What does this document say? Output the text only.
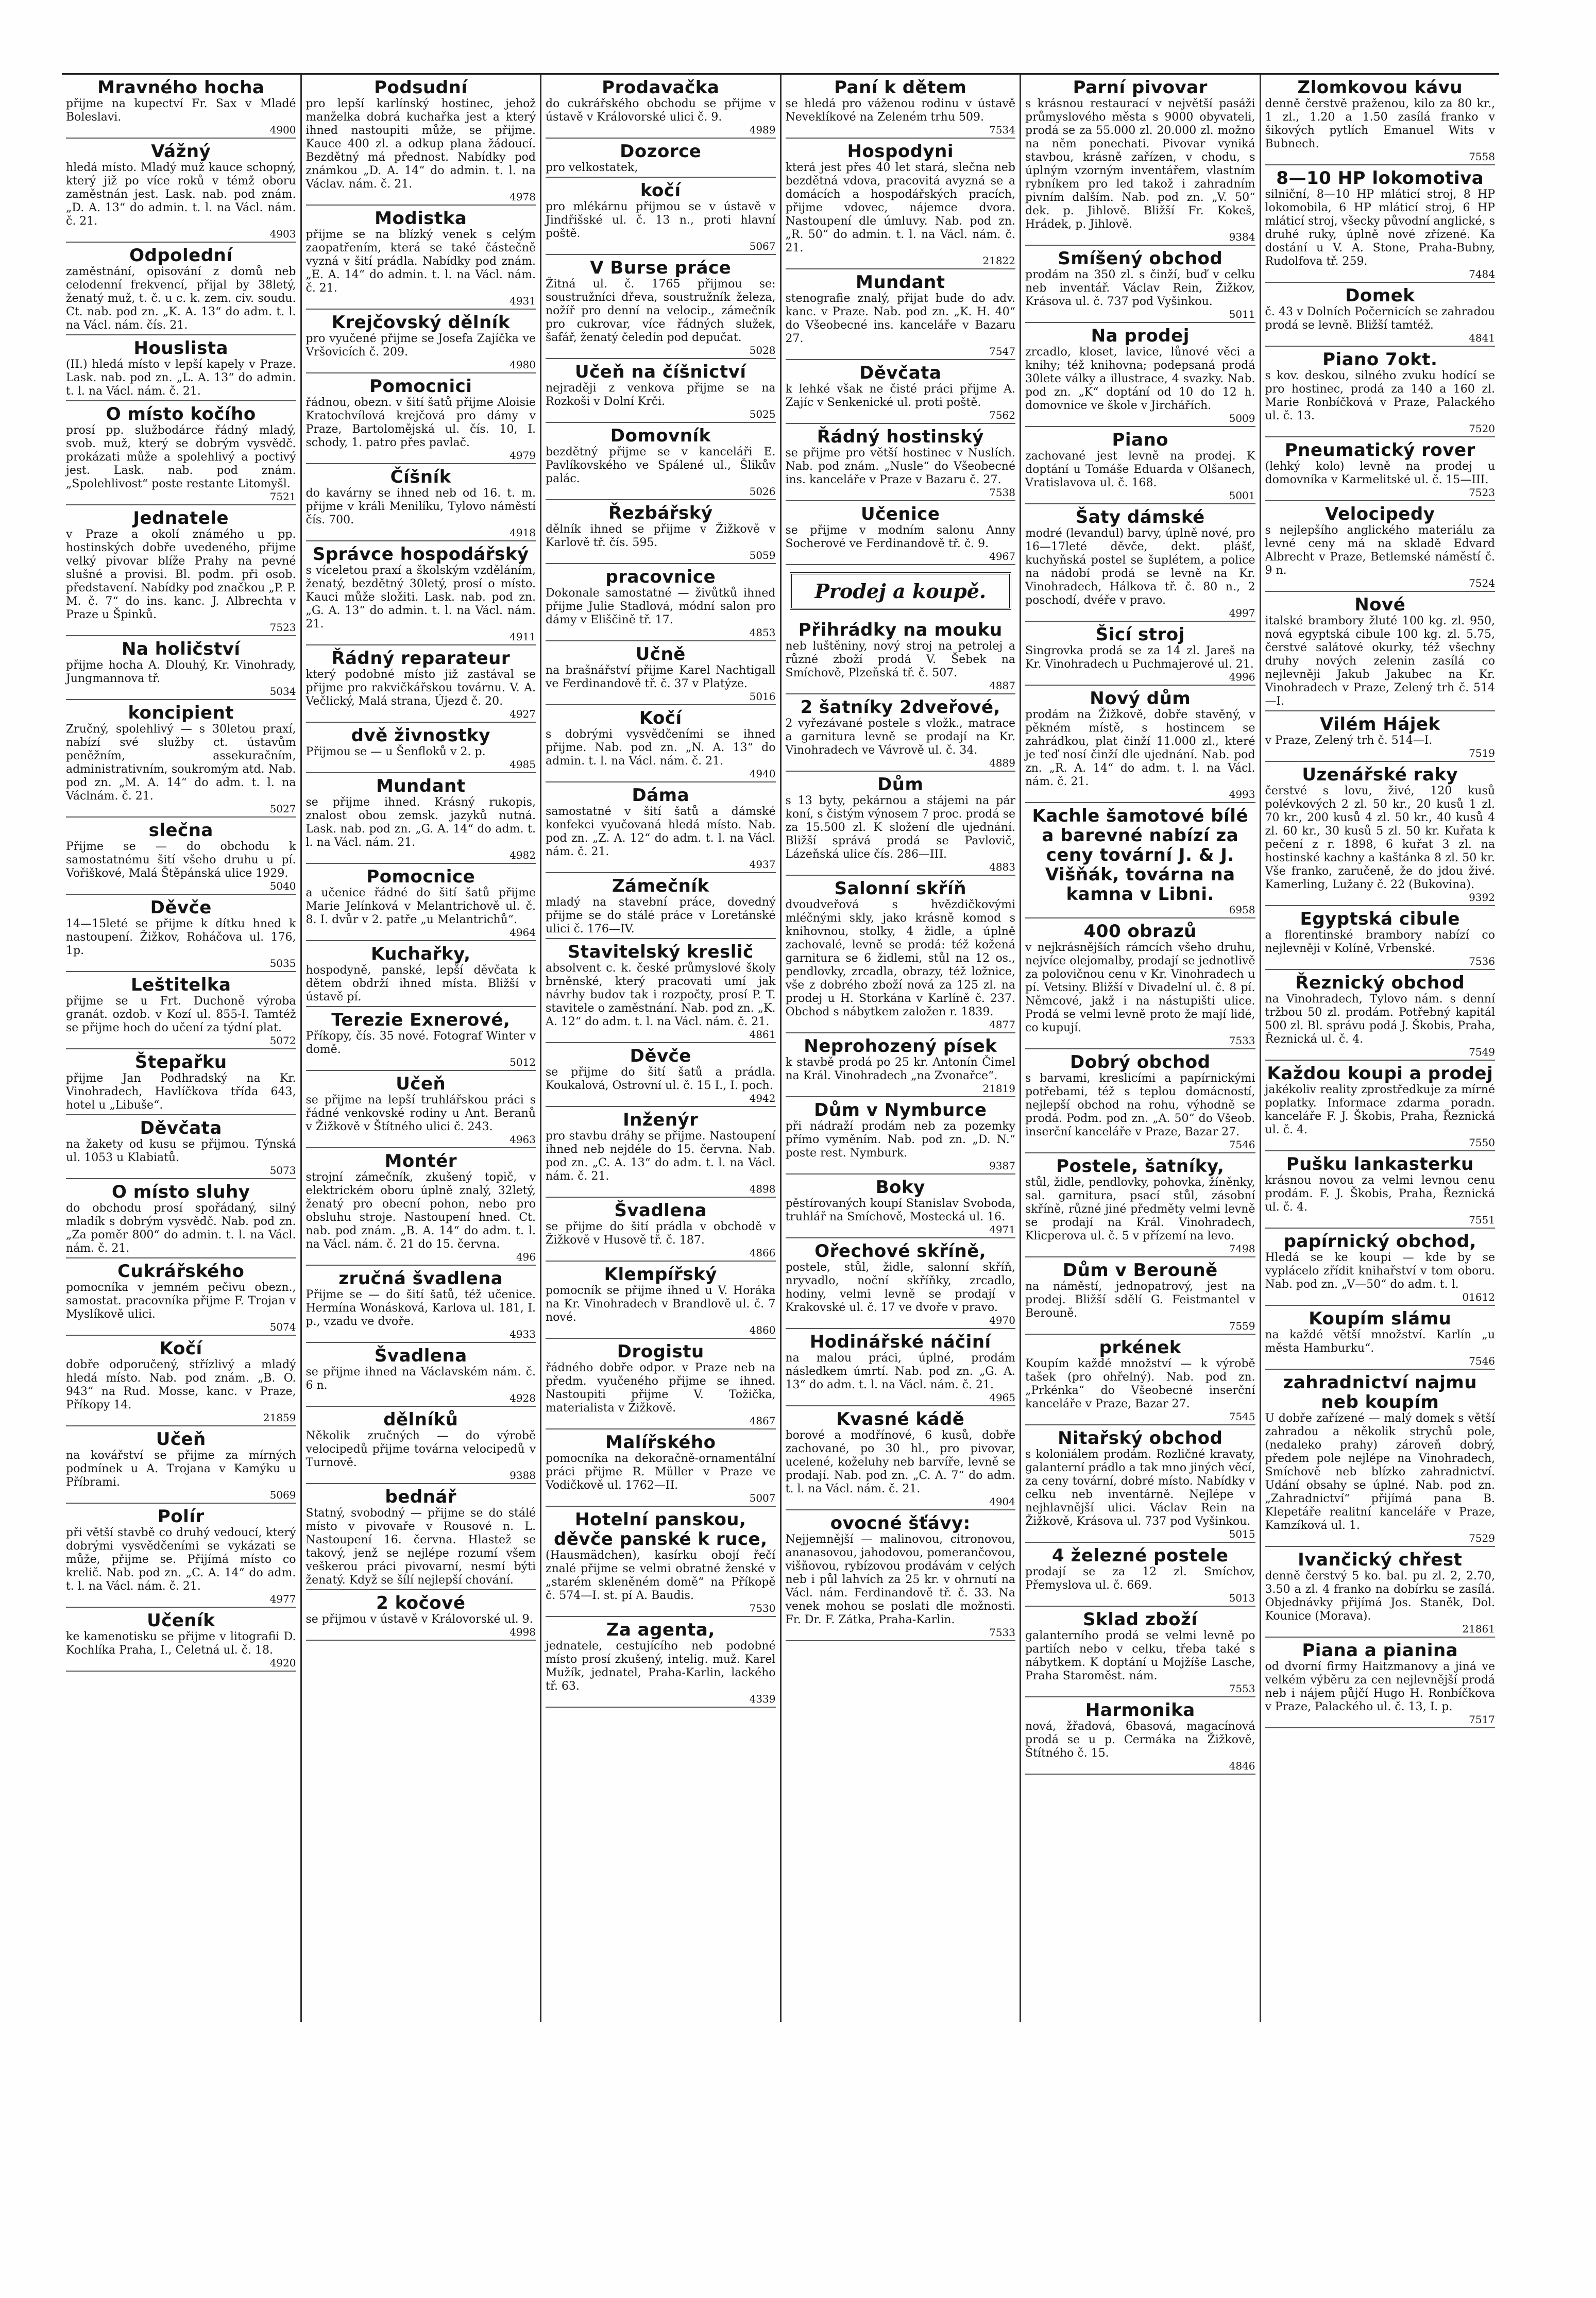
Mravného hocha
přijme na kupectví Fr. Sax v Mladé Boleslavi.
4900
Vážný
hledá místo. Mladý muž kauce schopný, který již po více roků v témž oboru zaměstnán jest. Lask. nab. pod znám. „D. A. 13“ do admin. t. l. na Václ. nám. č. 21.
4903
Odpolední
zaměstnání, opisování z domů neb celodenní frekvencí, přijal by 38letý, ženatý muž, t. č. u c. k. zem. civ. soudu. Ct. nab. pod zn. „K. A. 13“ do adm. t. l. na Václ. nám. čís. 21.
Houslista
(II.) hledá místo v lepší kapely v Praze. Lask. nab. pod zn. „L. A. 13“ do admin. t. l. na Václ. nám. č. 21.
O místo kočího
prosí pp. službodárce řádný mladý, svob. muž, který se dobrým vysvědč. prokázati může a spolehlivý a poctivý jest. Lask. nab. pod znám. „Spolehlivost“ poste restante Litomyšl.
7521
Jednatele
v Praze a okolí známého u pp. hostinských dobře uvedeného, přijme velký pivovar blíže Prahy na pevné slušné a provisi. Bl. podm. při osob. představení. Nabídky pod značkou „P. P. M. č. 7“ do ins. kanc. J. Albrechta v Praze u Špinků.
7523
Na holičství
přijme hocha A. Dlouhý, Kr. Vinohrady, Jungmannova tř.
5034
koncipient
Zručný, spolehlivý — s 30letou praxí, nabízí své služby ct. ústavům peněžním, assekuračním, administrativním, soukromým atd. Nab. pod zn. „M. A. 14“ do adm. t. l. na Václnám. č. 21.
5027
slečna
Přijme se — do obchodu k samostatnému šití všeho druhu u pí. Vořiškové, Malá Štěpánská ulice 1929.
5040
Děvče
14—15leté se přijme k dítku hned k nastoupení. Žižkov, Roháčova ul. 176, 1p.
5035
Leštitelka
přijme se u Frt. Duchoně výroba granát. ozdob. v Kozí ul. 855-I. Tamtéž se přijme hoch do učení za týdní plat.
5072
Štepařku
přijme Jan Podhradský na Kr. Vinohradech, Havlíčkova třída 643, hotel u „Libuše“.
Děvčata
na žakety od kusu se přijmou. Týnská ul. 1053 u Klabiatů.
5073
O místo sluhy
do obchodu prosí spořádaný, silný mladík s dobrým vysvědč. Nab. pod zn. „Za poměr 800“ do admin. t. l. na Václ. nám. č. 21.
Cukrářského
pomocníka v jemném pečivu obezn., samostat. pracovníka přijme F. Trojan v Myslíkově ulici.
5074
Kočí
dobře odporučený, střízlivý a mladý hledá místo. Nab. pod znám. „B. O. 943“ na Rud. Mosse, kanc. v Praze, Příkopy 14.
21859
Učeň
na kovářství se přijme za mírných podmínek u A. Trojana v Kamýku u Příbrami.
5069
Polír
při větší stavbě co druhý vedoucí, který dobrými vysvědčeními se vykázati se může, přijme se. Přijímá místo co krelič. Nab. pod zn. „C. A. 14“ do adm. t. l. na Václ. nám. č. 21.
4977
Učeník
ke kamenotisku se přijme v litografii D. Kochlíka Praha, I., Celetná ul. č. 18.
4920
Podsudní
pro lepší karlínský hostinec, jehož manželka dobrá kuchařka jest a který ihned nastoupiti může, se přijme. Kauce 400 zl. a odkup plana žádoucí. Bezdětný má přednost. Nabídky pod známkou „D. A. 14“ do admin. t. l. na Václav. nám. č. 21.
4978
Modistka
přijme se na blízký venek s celým zaopatřením, která se také částečně vyzná v šití prádla. Nabídky pod znám. „E. A. 14“ do admin. t. l. na Václ. nám. č. 21.
4931
Krejčovský dělník
pro vyučené přijme se Josefa Zajíčka ve Vršovicích č. 209.
4980
Pomocnici
řádnou, obezn. v šití šatů přijme Aloisie Kratochvílová krejčová pro dámy v Praze, Bartolomějská ul. čís. 10, I. schody, 1. patro přes pavlač.
4979
Číšník
do kavárny se ihned neb od 16. t. m. přijme v králi Menilíku, Tylovo náměstí čís. 700.
4918
Správce hospodářský
s víceletou praxí a školským vzděláním, ženatý, bezdětný 30letý, prosí o místo. Kauci může složiti. Lask. nab. pod zn. „G. A. 13“ do admin. t. l. na Václ. nám. 21.
4911
Řádný reparateur
který podobné místo již zastával se přijme pro rakvičkářskou továrnu. V. A. Večlický, Malá strana, Újezd č. 20.
4927
dvě živnostky
Přijmou se — u Šenfloků v 2. p.
4985
Mundant
se přijme ihned. Krásný rukopis, znalost obou zemsk. jazyků nutná. Lask. nab. pod zn. „G. A. 14“ do adm. t. l. na Václ. nám. 21.
4982
Pomocnice
a učenice řádné do šití šatů přijme Marie Jelínková v Melantrichově ul. č. 8. I. dvůr v 2. patře „u Melantrichů“.
4964
Kuchařky,
hospodyně, panské, lepší děvčata k dětem obdrží ihned místa. Bližší v ústavě pí.
Terezie Exnerové,
Příkopy, čís. 35 nové. Fotograf Winter v domě.
5012
Učeň
se přijme na lepší truhlářskou práci s řádné venkovské rodiny u Ant. Beranů v Žižkově v Štítného ulici č. 243.
4963
Montér
strojní zámečník, zkušený topič, v elektrickém oboru úplně znalý, 32letý, ženatý pro obecní pohon, nebo pro obsluhu stroje. Nastoupení hned. Ct. nab. pod znám. „B. A. 14“ do adm. t. l. na Václ. nám. č. 21 do 15. června.
496
zručná švadlena
Přijme se — do šití šatů, též učenice. Hermína Wonásková, Karlova ul. 181, I. p., vzadu ve dvoře.
4933
Švadlena
se přijme ihned na Václavském nám. č. 6 n.
4928
dělníků
Několik zručných — do výrobě velocipedů přijme továrna velocipedů v Turnově.
9388
bednář
Statný, svobodný — přijme se do stálé místo v pivovaře v Rousové n. L. Nastoupení 16. června. Hlastež se takový, jenž se nejlépe rozumí všem veškerou práci pivovarní, nesmí býti ženatý. Když se šílí nejlepší chování.
2 kočové
se přijmou v ústavě v Královorské ul. 9.
4998
Prodavačka
do cukrářského obchodu se přijme v ústavě v Královorské ulici č. 9.
4989
Dozorce
pro velkostatek,
kočí
pro mlékárnu přijmou se v ústavě v Jindřišské ul. č. 13 n., proti hlavní poště.
5067
V Burse práce
Žitná ul. č. 1765 přijmou se: soustružníci dřeva, soustružník železa, nožíř pro denní na velocip., zámečník pro cukrovar, více řádných služek, šafář, ženatý čeledín pod depučat.
5028
Učeň na číšnictví
nejraději z venkova přijme se na Rozkoši v Dolní Krči.
5025
Domovník
bezdětný přijme se v kanceláři E. Pavlíkovského ve Spálené ul., Šlikův palác.
5026
Řezbářský
dělník ihned se přijme v Žižkově v Karlově tř. čís. 595.
5059
pracovnice
Dokonale samostatné — živůtků ihned přijme Julie Stadlová, módní salon pro dámy v Eliščině tř. 17.
4853
Učně
na brašnářství přijme Karel Nachtigall ve Ferdinandově tř. č. 37 v Platýze.
5016
Kočí
s dobrými vysvědčeními se ihned přijme. Nab. pod zn. „N. A. 13“ do admin. t. l. na Václ. nám. č. 21.
4940
Dáma
samostatné v šití šatů a dámské konfekci vyučovaná hledá místo. Nab. pod zn. „Z. A. 12“ do adm. t. l. na Václ. nám. č. 21.
4937
Zámečník
mladý na stavební práce, dovedný přijme se do stálé práce v Loretánské ulici č. 176—IV.
Stavitelský kreslič
absolvent c. k. české průmyslové školy brněnské, který pracovati umí jak návrhy budov tak i rozpočty, prosí P. T. stavitele o zaměstnání. Nab. pod zn. „K. A. 12“ do adm. t. l. na Václ. nám. č. 21.
4861
Děvče
se přijme do šití šatů a prádla. Koukalová, Ostrovní ul. č. 15 I., I. poch.
4942
Inženýr
pro stavbu dráhy se přijme. Nastoupení ihned neb nejdéle do 15. června. Nab. pod zn. „C. A. 13“ do adm. t. l. na Václ. nám. č. 21.
4898
Švadlena
se přijme do šití prádla v obchodě v Žižkově v Husově tř. č. 187.
4866
Klempířský
pomocník se přijme ihned u V. Horáka na Kr. Vinohradech v Brandlově ul. č. 7 nové.
4860
Drogistu
řádného dobře odpor. v Praze neb na předm. vyučeného přijme se ihned. Nastoupiti přijme V. Tožička, materialista v Žižkově.
4867
Malířského
pomocníka na dekoračně-ornamentální práci přijme R. Müller v Praze ve Vodičkově ul. 1762—II.
5007
Hotelní panskou, děvče panské k ruce,
(Hausmädchen), kasírku obojí řečí znalé přijme se velmi obratné ženské v „starém skleněném domě“ na Příkopě č. 574—I. st. pí A. Baudis.
7530
Za agenta,
jednatele, cestujícího neb podobné místo prosí zkušený, intelig. muž. Karel Mužík, jednatel, Praha-Karlin, lackého tř. 63.
4339
Paní k dětem
se hledá pro váženou rodinu v ústavě Neveklíkové na Zeleném trhu 509.
7534
Hospodyni
která jest přes 40 let stará, slečna neb bezdětná vdova, pracovitá avyzná se a domácích a hospodářských pracích, přijme vdovec, nájemce dvora. Nastoupení dle úmluvy. Nab. pod zn. „R. 50“ do admin. t. l. na Václ. nám. č. 21.
21822
Mundant
stenografie znalý, přijat bude do adv. kanc. v Praze. Nab. pod zn. „K. H. 40“ do Všeobecné ins. kanceláře v Bazaru 27.
7547
Děvčata
k lehké však ne čisté práci přijme A. Zajíc v Senkenické ul. proti poště.
7562
Řádný hostinský
se přijme pro větší hostinec v Nuslích. Nab. pod znám. „Nusle“ do Všeobecné ins. kanceláře v Praze v Bazaru č. 27.
7538
Učenice
se přijme v modním salonu Anny Socherové ve Ferdinandově tř. č. 9.
4967
Prodej a koupě.
Přihrádky na mouku
neb luštěniny, nový stroj na petrolej a různé zboží prodá V. Šebek na Smíchově, Plzeňská tř. č. 507.
4887
2 šatníky 2dveřové,
2 vyřezávané postele s vložk., matrace a garnitura levně se prodají na Kr. Vinohradech ve Vávrově ul. č. 34.
4889
Dům
s 13 byty, pekárnou a stájemi na pár koní, s čistým výnosem 7 proc. prodá se za 15.500 zl. K složení dle ujednání. Bližší správá prodá se Pavlovič, Lázeňská ulice čís. 286—III.
4883
Salonní skříň
dvoudveřová s hvězdičkovými mléčnými skly, jako krásně komod s knihovnou, stolky, 4 židle, a úplně zachovalé, levně se prodá: též kožená garnitura se 6 židlemi, stůl na 12 os., pendlovky, zrcadla, obrazy, též ložnice, vše z dobrého zboží nová za 125 zl. na prodej u H. Storkána v Karlíně č. 237. Obchod s nábytkem založen r. 1839.
4877
Neprohozený písek
k stavbě prodá po 25 kr. Antonín Čimel na Král. Vinohradech „na Zvonařce“.
21819
Dům v Nymburce
při nádraží prodám neb za pozemky přímo vyměním. Nab. pod zn. „D. N.“ poste rest. Nymburk.
9387
Boky
pěstírovaných koupí Stanislav Svoboda, truhlář na Smíchově, Mostecká ul. 16.
4971
Ořechové skříně,
postele, stůl, židle, salonní skříň, nryvadlo, noční skříňky, zrcadlo, hodiny, velmi levně se prodají v Krakovské ul. č. 17 ve dvoře v pravo.
4970
Hodinářské náčiní
na malou práci, úplné, prodám následkem úmrtí. Nab. pod zn. „G. A. 13“ do adm. t. l. na Václ. nám. č. 21.
4965
Kvasné kádě
borové a modřínové, 6 kusů, dobře zachované, po 30 hl., pro pivovar, ucelené, koželuhy neb barvíře, levně se prodají. Nab. pod zn. „C. A. 7“ do adm. t. l. na Václ. nám. č. 21.
4904
ovocné šťávy:
Nejjemnější — malinovou, citronovou, ananasovou, jahodovou, pomerančovou, višňovou, rybízovou prodávám v celých neb i půl lahvích za 25 kr. v ohrnutí na Václ. nám. Ferdinandově tř. č. 33. Na venek mohou se poslati dle možnosti. Fr. Dr. F. Zátka, Praha-Karlin.
7533
Parní pivovar
s krásnou restaurací v největší pasáži průmyslového města s 9000 obyvateli, prodá se za 55.000 zl. 20.000 zl. možno na něm ponechati. Pivovar vyniká stavbou, krásně zařízen, v chodu, s úplným vzorným inventářem, vlastním rybníkem pro led takož i zahradním pivním dalším. Nab. pod zn. „V. 50“ dek. p. Jihlově. Bližší Fr. Kokeš, Hrádek, p. Jihlově.
9384
Smíšený obchod
prodám na 350 zl. s činží, buď v celku neb inventář. Václav Rein, Žižkov, Krásova ul. č. 737 pod Vyšinkou.
5011
Na prodej
zrcadlo, kloset, lavice, lůnové věci a knihy; též knihovna; podepsaná prodá 30lete války a illustrace, 4 svazky. Nab. pod zn. „K“ doptání od 10 do 12 h. domovnice ve škole v Jirchářích.
5009
Piano
zachované jest levně na prodej. K doptání u Tomáše Eduarda v Olšanech, Vratislavova ul. č. 168.
5001
Šaty dámské
modré (levandul) barvy, úplně nové, pro 16—17leté děvče, dekt. plášť, kuchyňská postel se šuplétem, a police na nádobí prodá se levně na Kr. Vinohradech, Hálkova tř. č. 80 n., 2 poschodí, dvéře v pravo.
4997
Šicí stroj
Singrovka prodá se za 14 zl. Jareš na Kr. Vinohradech u Puchmajerové ul. 21.
4996
Nový dům
prodám na Žižkově, dobře stavěný, v pěkném místě, s hostincem se zahrádkou, plat činží 11.000 zl., které je teď nosí činží dle ujednání. Nab. pod zn. „R. A. 14“ do adm. t. l. na Václ. nám. č. 21.
4993
Kachle šamotové bílé a barevné nabízí za ceny tovární J. & J. Višňák, továrna na kamna v Libni.
6958
400 obrazů
v nejkrásnějších rámcích všeho druhu, nejvíce olejomalby, prodají se jednotlivě za polovičnou cenu v Kr. Vinohradech u pí. Vetsiny. Bližší v Divadelní ul. č. 8 pí. Němcové, jakž i na nástupišti ulice. Prodá se velmi levně proto že mají lidé, co kupují.
7533
Dobrý obchod
s barvami, kreslicími a papírnickými potřebami, též s teplou domácností, nejlepší obchod na rohu, výhodně se prodá. Podm. pod zn. „A. 50“ do Všeob. inserční kanceláře v Praze, Bazar 27.
7546
Postele, šatníky,
stůl, židle, pendlovky, pohovka, žíněnky, sal. garnitura, psací stůl, zásobní skříně, různé jiné předměty velmi levně se prodají na Král. Vinohradech, Klicperova ul. č. 5 v přízemí na levo.
7498
Dům v Berouně
na náměstí, jednopatrový, jest na prodej. Bližší sdělí G. Feistmantel v Berouně.
7559
prkének
Koupím každé množství — k výrobě tašek (pro ohřelný). Nab. pod zn. „Prkénka“ do Všeobecné inserční kanceláře v Praze, Bazar 27.
7545
Nitařský obchod
s koloniálem prodám. Rozličné kravaty, galanterní prádlo a tak mno jiných věcí, za ceny tovární, dobré místo. Nabídky v celku neb inventárně. Nejlépe v nejhlavnější ulici. Václav Rein na Žižkově, Krásova ul. 737 pod Vyšinkou.
5015
4 železné postele
prodají se za 12 zl. Smíchov, Přemyslova ul. č. 669.
5013
Sklad zboží
galanterního prodá se velmi levně po partiích nebo v celku, třeba také s nábytkem. K doptání u Mojžíše Lasche, Praha Staroměst. nám.
7553
Harmonika
nová, žřadová, 6basová, magacínová prodá se u p. Cermáka na Žižkově, Štítného č. 15.
4846
Zlomkovou kávu
denně čerstvě praženou, kilo za 80 kr., 1 zl., 1.20 a 1.50 zasílá franko v šikových pytlích Emanuel Wits v Bubnech.
7558
8—10 HP lokomotiva
silniční, 8—10 HP mláticí stroj, 8 HP lokomobila, 6 HP mláticí stroj, 6 HP mláticí stroj, všecky původní anglické, s druhé ruky, úplně nové zřízené. Ka dostání u V. A. Stone, Praha-Bubny, Rudolfova tř. 259.
7484
Domek
č. 43 v Dolních Počernicích se zahradou prodá se levně. Bližší tamtéž.
4841
Piano 7okt.
s kov. deskou, silného zvuku hodící se pro hostinec, prodá za 140 a 160 zl. Marie Ronbíčková v Praze, Palackého ul. č. 13.
7520
Pneumatický rover
(lehký kolo) levně na prodej u domovníka v Karmelitské ul. č. 15—III.
7523
Velocipedy
s nejlepšího anglického materiálu za levné ceny má na skladě Edvard Albrecht v Praze, Betlemské náměstí č. 9 n.
7524
Nové
italské brambory žluté 100 kg. zl. 950, nová egyptská cibule 100 kg. zl. 5.75, čerstvé salátové okurky, též všechny druhy nových zelenin zasílá co nejlevněji Jakub Jakubec na Kr. Vinohradech v Praze, Zelený trh č. 514—I.
Vilém Hájek
v Praze, Zelený trh č. 514—I.
7519
Uzenářské raky
čerstvé s lovu, živé, 120 kusů polévkových 2 zl. 50 kr., 20 kusů 1 zl. 70 kr., 200 kusů 4 zl. 50 kr., 40 kusů 4 zl. 60 kr., 30 kusů 5 zl. 50 kr. Kuřata k pečení z r. 1898, 6 kuřat 3 zl. na hostinské kachny a kaštánka 8 zl. 50 kr. Vše franko, zaručeně, že do jdou živé. Kamerling, Lužany č. 22 (Bukovina).
9392
Egyptská cibule
a florentinské brambory nabízí co nejlevněji v Kolíně, Vrbenské.
7536
Řeznický obchod
na Vinohradech, Tylovo nám. s denní tržbou 50 zl. prodám. Potřebný kapitál 500 zl. Bl. správu podá J. Škobis, Praha, Řeznická ul. č. 4.
7549
Každou koupi a prodej
jakékoliv reality zprostředkuje za mírné poplatky. Informace zdarma poradn. kanceláře F. J. Škobis, Praha, Řeznická ul. č. 4.
7550
Pušku lankasterku
krásnou novou za velmi levnou cenu prodám. F. J. Škobis, Praha, Řeznická ul. č. 4.
7551
papírnický obchod,
Hledá se ke koupi — kde by se vyplácelo zřídit knihařství v tom oboru. Nab. pod zn. „V—50“ do adm. t. l.
01612
Koupím slámu
na každé větší množství. Karlín „u města Hamburku“.
7546
zahradnictví najmu neb koupím
U dobře zařízené — malý domek s větší zahradou a několik strychů pole, (nedaleko prahy) zároveň dobrý, předem pole nejlépe na Vinohradech, Smíchově neb blízko zahradnictví. Udání obsahy se úplné. Nab. pod zn. „Zahradnictví“ přijímá pana B. Klepetáře realitní kanceláře v Praze, Kamzíková ul. 1.
7529
Ivančický chřest
denně čerstvý 5 ko. bal. pu zl. 2, 2.70, 3.50 a zl. 4 franko na dobírku se zasílá. Objednávky přijímá Jos. Staněk, Dol. Kounice (Morava).
21861
Piana a pianina
od dvorní firmy Haitzmanovy a jiná ve velkém výběru za cen nejlevnější prodá neb i nájem půjčí Hugo H. Ronbíčkova v Praze, Palackého ul. č. 13, I. p.
7517
